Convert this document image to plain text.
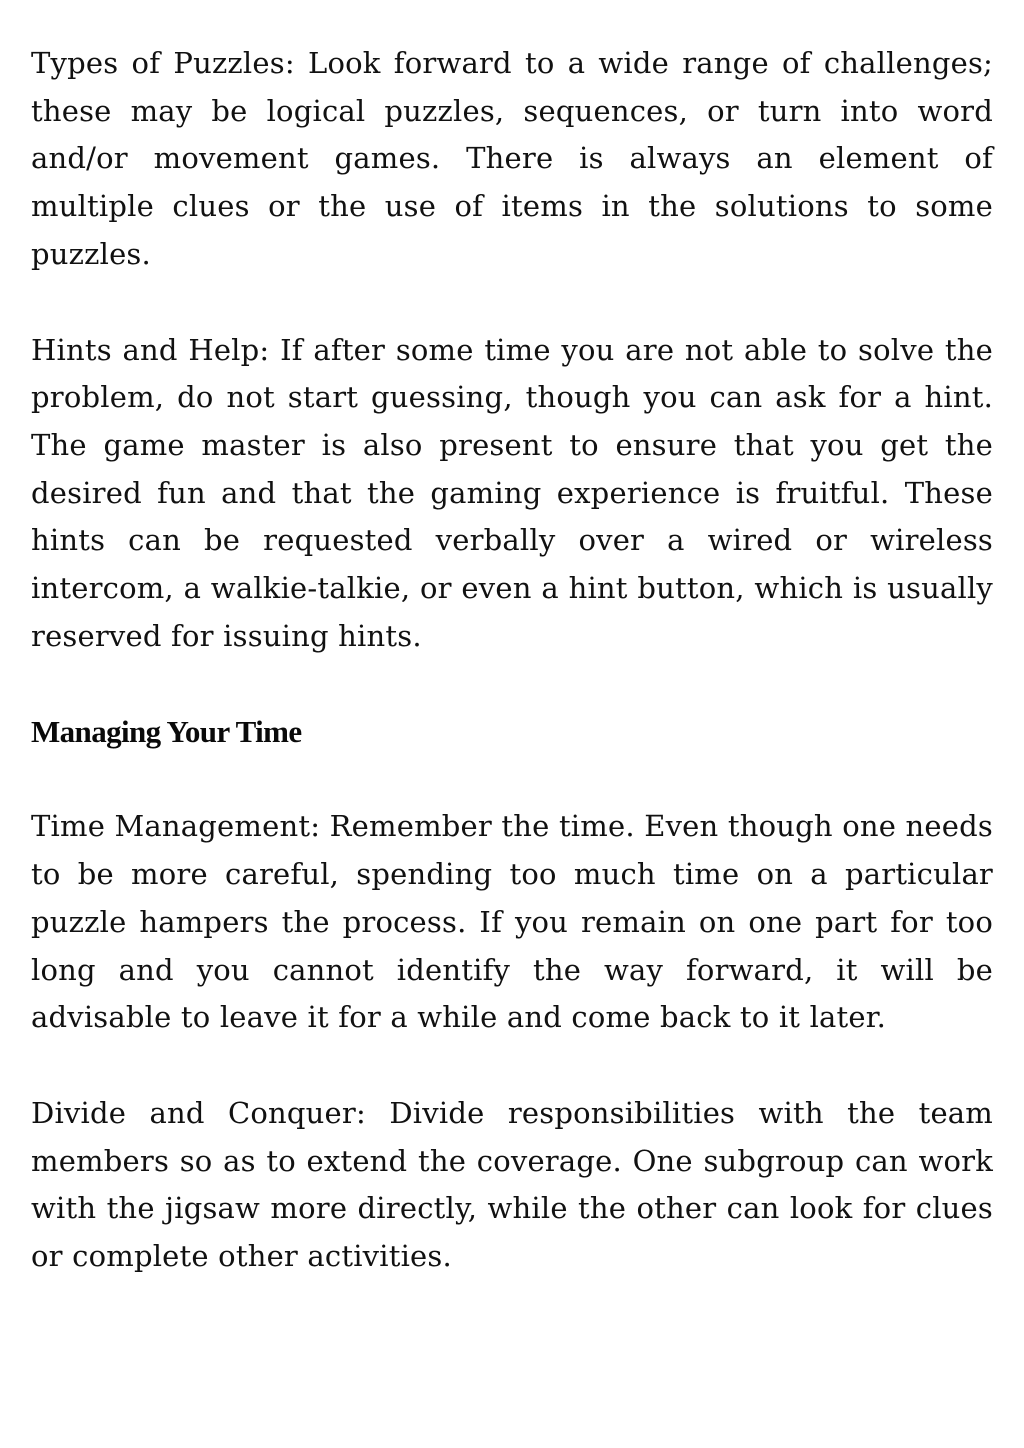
Types of Puzzles: Look forward to a wide range of challenges; these may be logical puzzles, sequences, or turn into word and/or movement games. There is always an element of multiple clues or the use of items in the solutions to some puzzles.

Hints and Help: If after some time you are not able to solve the problem, do not start guessing, though you can ask for a hint. The game master is also present to ensure that you get the desired fun and that the gaming experience is fruitful. These hints can be requested verbally over a wired or wireless intercom, a walkie-talkie, or even a hint button, which is usually reserved for issuing hints.

Managing Your Time

Time Management: Remember the time. Even though one needs to be more careful, spending too much time on a particular puzzle hampers the process. If you remain on one part for too long and you cannot identify the way forward, it will be advisable to leave it for a while and come back to it later.

Divide and Conquer: Divide responsibilities with the team members so as to extend the coverage. One subgroup can work with the jigsaw more directly, while the other can look for clues or complete other activities.
